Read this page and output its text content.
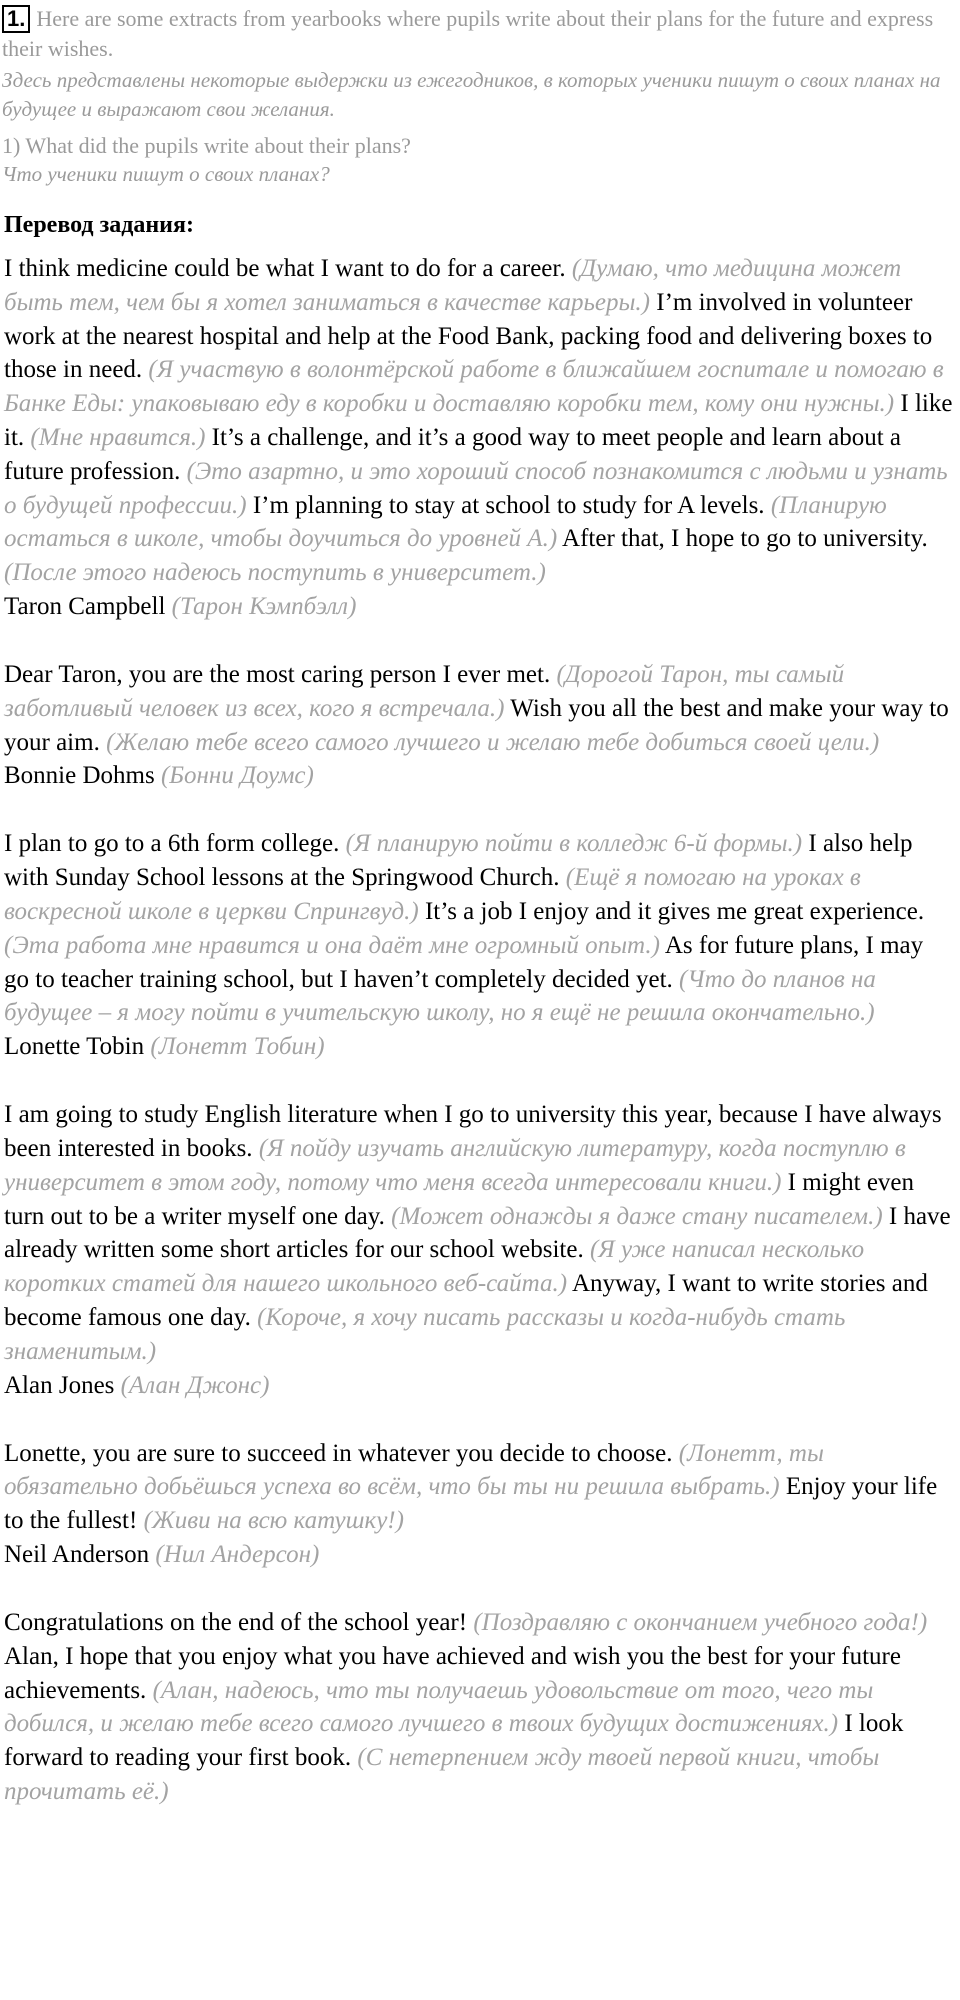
1. Here are some extracts from yearbooks where pupils write about their plans for the future and express their wishes.
Здесь представлены некоторые выдержки из ежегодников, в которых ученики пишут о своих планах на будущее и выражают свои желания.
1) What did the pupils write about their plans?
Что ученики пишут о своих планах?
Перевод задания:

I think medicine could be what I want to do for a career. (Думаю, что медицина может быть тем, чем бы я хотел заниматься в качестве карьеры.) I’m involved in volunteer work at the nearest hospital and help at the Food Bank, packing food and delivering boxes to those in need. (Я участвую в волонтёрской работе в ближайшем госпитале и помогаю в Банке Еды: упаковываю еду в коробки и доставляю коробки тем, кому они нужны.) I like it. (Мне нравится.) It’s a challenge, and it’s a good way to meet people and learn about a future profession. (Это азартно, и это хороший способ познакомится с людьми и узнать о будущей профессии.) I’m planning to stay at school to study for A levels. (Планирую остаться в школе, чтобы доучиться до уровней А.) After that, I hope to go to university. (После этого надеюсь поступить в университет.)

Taron Campbell (Тарон Кэмпбэлл)

Dear Taron, you are the most caring person I ever met. (Дорогой Тарон, ты самый заботливый человек из всех, кого я встречала.) Wish you all the best and make your way to your aim. (Желаю тебе всего самого лучшего и желаю тебе добиться своей цели.)

Bonnie Dohms (Бонни Доумс)

I plan to go to a 6th form college. (Я планирую пойти в колледж 6-й формы.) I also help with Sunday School lessons at the Springwood Church. (Ещё я помогаю на уроках в воскресной школе в церкви Спрингвуд.) It’s a job I enjoy and it gives me great experience. (Эта работа мне нравится и она даёт мне огромный опыт.) As for future plans, I may go to teacher training school, but I haven’t completely decided yet. (Что до планов на будущее – я могу пойти в учительскую школу, но я ещё не решила окончательно.)

Lonette Tobin (Лонетт Тобин)

I am going to study English literature when I go to university this year, because I have always been interested in books. (Я пойду изучать английскую литературу, когда поступлю в университет в этом году, потому что меня всегда интересовали книги.) I might even turn out to be a writer myself one day. (Может однажды я даже стану писателем.) I have already written some short articles for our school website. (Я уже написал несколько коротких статей для нашего школьного веб-сайта.) Anyway, I want to write stories and become famous one day. (Короче, я хочу писать рассказы и когда-нибудь стать знаменитым.)

Alan Jones (Алан Джонс)

Lonette, you are sure to succeed in whatever you decide to choose. (Лонетт, ты обязательно добьёшься успеха во всём, что бы ты ни решила выбрать.) Enjoy your life to the fullest! (Живи на всю катушку!)

Neil Anderson (Нил Андерсон)

Congratulations on the end of the school year! (Поздравляю с окончанием учебного года!) Alan, I hope that you enjoy what you have achieved and wish you the best for your future achievements. (Алан, надеюсь, что ты получаешь удовольствие от того, чего ты добился, и желаю тебе всего самого лучшего в твоих будущих достижениях.) I look forward to reading your first book. (С нетерпением жду твоей первой книги, чтобы прочитать её.)
